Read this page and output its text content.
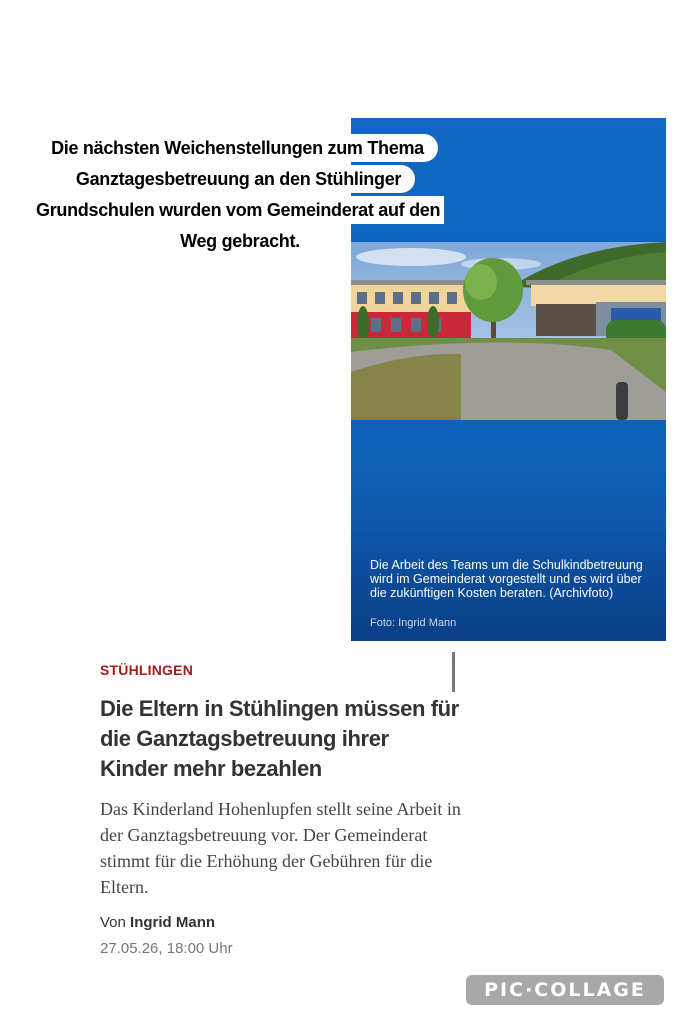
Die nächsten Weichenstellungen zum Thema
Ganztagesbetreuung an den Stühlinger
Grundschulen wurden vom Gemeinderat auf den
Weg gebracht.
Die Arbeit des Teams um die Schulkindbetreuung wird im Gemeinderat vorgestellt und es wird über die zukünftigen Kosten beraten. (Archivfoto)
Foto: Ingrid Mann
STÜHLINGEN
Die Eltern in Stühlingen müssen für die Ganztagsbetreuung ihrer Kinder mehr bezahlen
Das Kinderland Hohenlupfen stellt seine Arbeit in der Ganztagsbetreuung vor. Der Gemeinderat stimmt für die Erhöhung der Gebühren für die Eltern.
Von Ingrid Mann
27.05.26, 18:00 Uhr
PIC·COLLAGE
